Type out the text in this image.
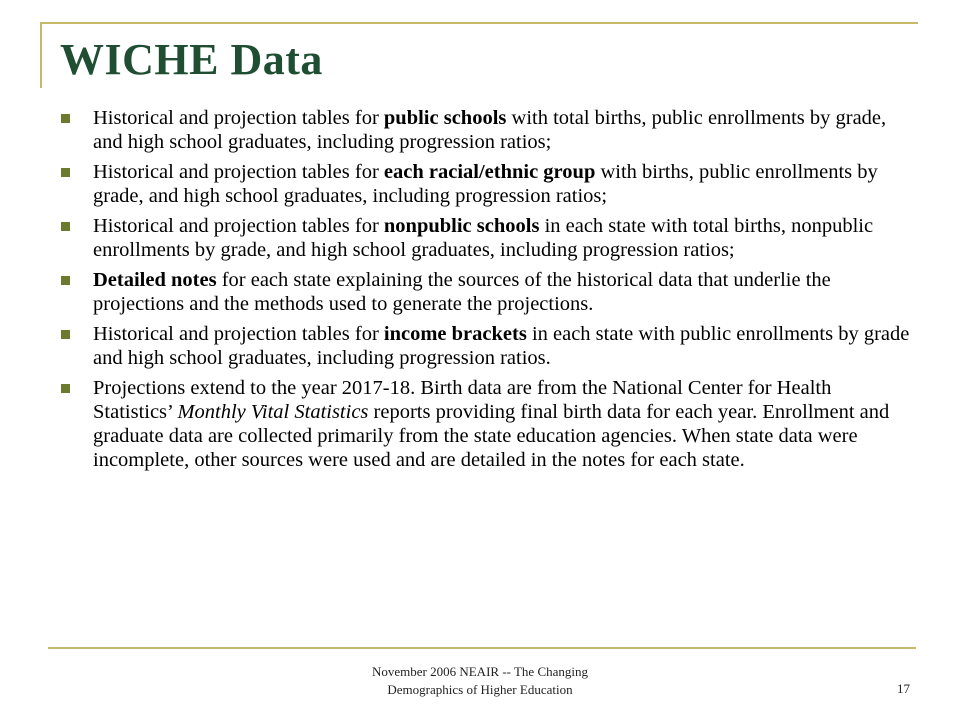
WICHE Data
Historical and projection tables for public schools with total births, public enrollments by grade, and high school graduates, including progression ratios;
Historical and projection tables for each racial/ethnic group with births, public enrollments by grade, and high school graduates, including progression ratios;
Historical and projection tables for nonpublic schools in each state with total births, nonpublic enrollments by grade, and high school graduates, including progression ratios;
Detailed notes for each state explaining the sources of the historical data that underlie the projections and the methods used to generate the projections.
Historical and projection tables for income brackets in each state with public enrollments by grade and high school graduates, including progression ratios.
Projections extend to the year 2017-18. Birth data are from the National Center for Health Statistics’ Monthly Vital Statistics reports providing final birth data for each year. Enrollment and graduate data are collected primarily from the state education agencies. When state data were incomplete, other sources were used and are detailed in the notes for each state.
November 2006 NEAIR -- The Changing
Demographics of Higher Education	17
